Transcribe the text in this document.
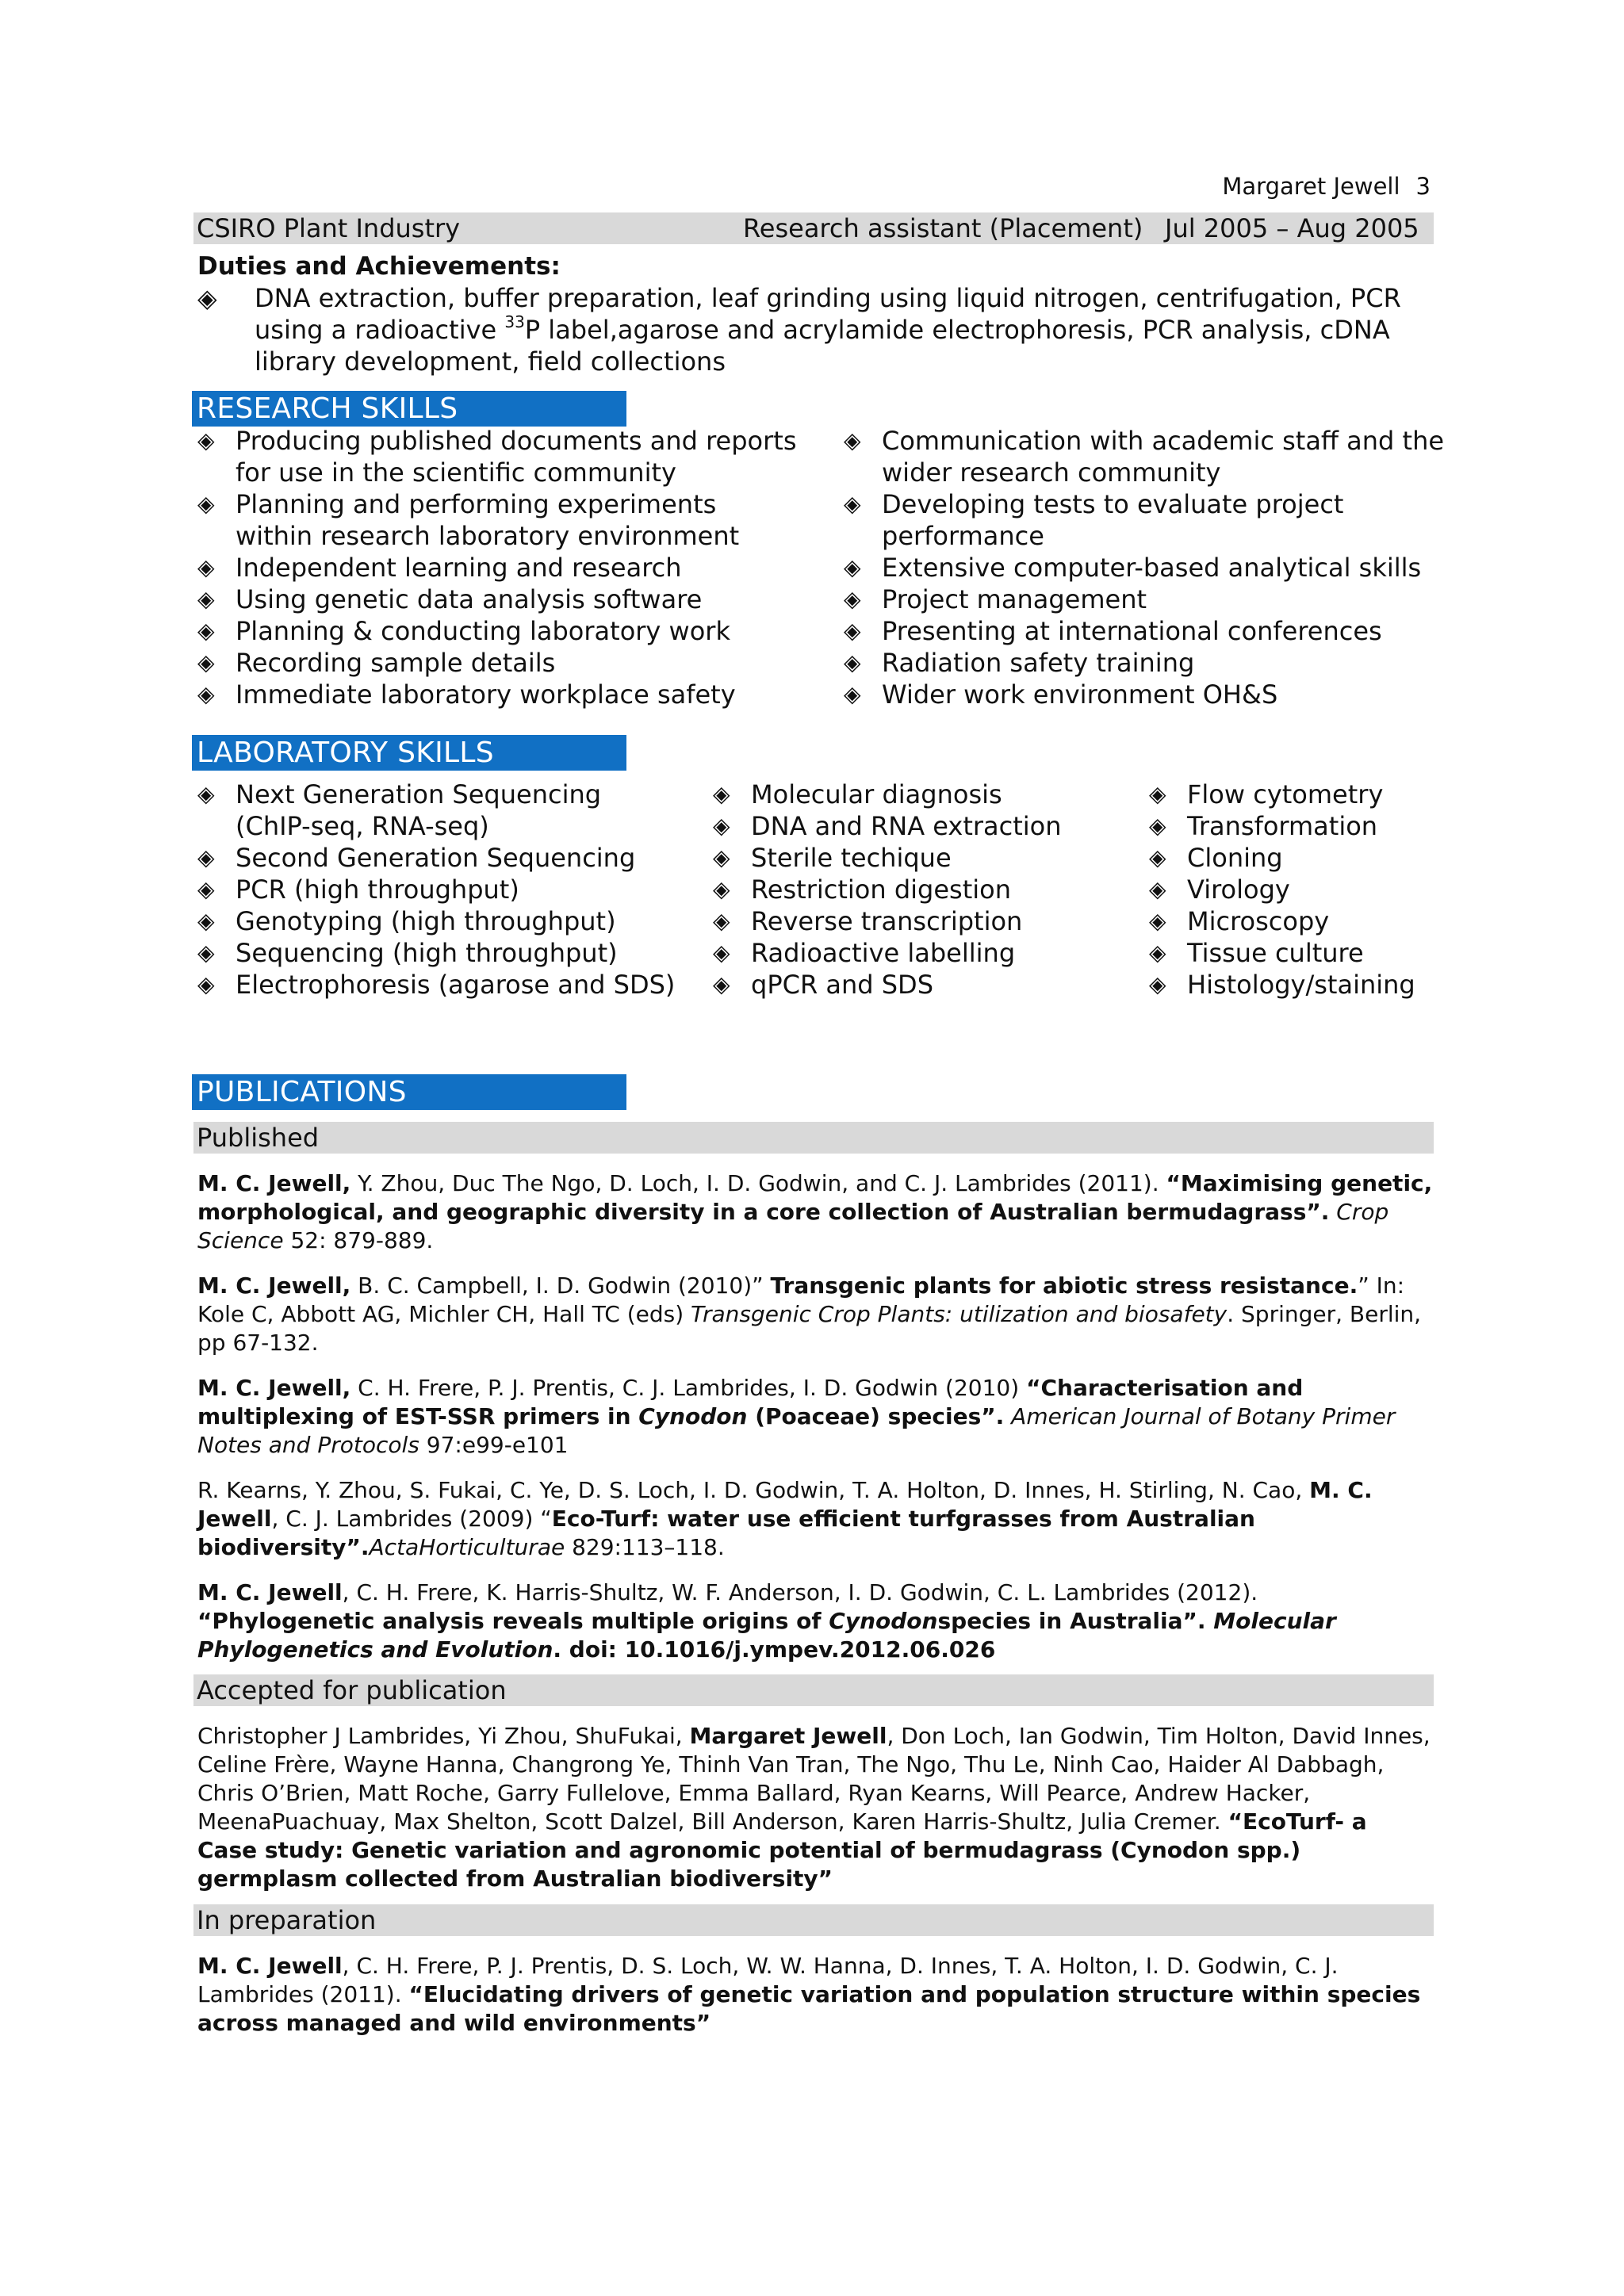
Margaret Jewell 3
CSIRO Plant Industry	Research assistant (Placement) Jul 2005 – Aug 2005
Duties and Achievements:
◈ DNA extraction, buffer preparation, leaf grinding using liquid nitrogen, centrifugation, PCR using a radioactive $^{33}$P label,agarose and acrylamide electrophoresis, PCR analysis, cDNA library development, field collections
RESEARCH SKILLS
◈ Producing published documents and reports for use in the scientific community
◈ Planning and performing experiments within research laboratory environment
◈ Independent learning and research
◈ Using genetic data analysis software
◈ Planning & conducting laboratory work
◈ Recording sample details
◈ Immediate laboratory workplace safety
◈ Communication with academic staff and the wider research community
◈ Developing tests to evaluate project performance
◈ Extensive computer-based analytical skills
◈ Project management
◈ Presenting at international conferences
◈ Radiation safety training
◈ Wider work environment OH&S
LABORATORY SKILLS
◈ Next Generation Sequencing (ChIP-seq, RNA-seq)
◈ Second Generation Sequencing
◈ PCR (high throughput)
◈ Genotyping (high throughput)
◈ Sequencing (high throughput)
◈ Electrophoresis (agarose and SDS)
◈ Molecular diagnosis
◈ DNA and RNA extraction
◈ Sterile techique
◈ Restriction digestion
◈ Reverse transcription
◈ Radioactive labelling
◈ qPCR and SDS
◈ Flow cytometry
◈ Transformation
◈ Cloning
◈ Virology
◈ Microscopy
◈ Tissue culture
◈ Histology/staining
PUBLICATIONS
Published

M. C. Jewell, Y. Zhou, Duc The Ngo, D. Loch, I. D. Godwin, and C. J. Lambrides (2011). “Maximising genetic, morphological, and geographic diversity in a core collection of Australian bermudagrass”. Crop Science 52: 879-889.

M. C. Jewell, B. C. Campbell, I. D. Godwin (2010)” Transgenic plants for abiotic stress resistance.” In: Kole C, Abbott AG, Michler CH, Hall TC (eds) Transgenic Crop Plants: utilization and biosafety. Springer, Berlin, pp 67-132.

M. C. Jewell, C. H. Frere, P. J. Prentis, C. J. Lambrides, I. D. Godwin (2010) “Characterisation and multiplexing of EST-SSR primers in Cynodon (Poaceae) species”. American Journal of Botany Primer Notes and Protocols 97:e99-e101

R. Kearns, Y. Zhou, S. Fukai, C. Ye, D. S. Loch, I. D. Godwin, T. A. Holton, D. Innes, H. Stirling, N. Cao, M. C. Jewell, C. J. Lambrides (2009) “Eco-Turf: water use efficient turfgrasses from Australian biodiversity”.ActaHorticulturae 829:113–118.

M. C. Jewell, C. H. Frere, K. Harris-Shultz, W. F. Anderson, I. D. Godwin, C. L. Lambrides (2012). “Phylogenetic analysis reveals multiple origins of Cynodonspecies in Australia”. Molecular Phylogenetics and Evolution. doi: 10.1016/j.ympev.2012.06.026

Accepted for publication

Christopher J Lambrides, Yi Zhou, ShuFukai, Margaret Jewell, Don Loch, Ian Godwin, Tim Holton, David Innes, Celine Frère, Wayne Hanna, Changrong Ye, Thinh Van Tran, The Ngo, Thu Le, Ninh Cao, Haider Al Dabbagh, Chris O’Brien, Matt Roche, Garry Fullelove, Emma Ballard, Ryan Kearns, Will Pearce, Andrew Hacker, MeenaPuachuay, Max Shelton, Scott Dalzel, Bill Anderson, Karen Harris-Shultz, Julia Cremer. “EcoTurf- a Case study: Genetic variation and agronomic potential of bermudagrass (Cynodon spp.) germplasm collected from Australian biodiversity”

In preparation

M. C. Jewell, C. H. Frere, P. J. Prentis, D. S. Loch, W. W. Hanna, D. Innes, T. A. Holton, I. D. Godwin, C. J. Lambrides (2011). “Elucidating drivers of genetic variation and population structure within species across managed and wild environments”
